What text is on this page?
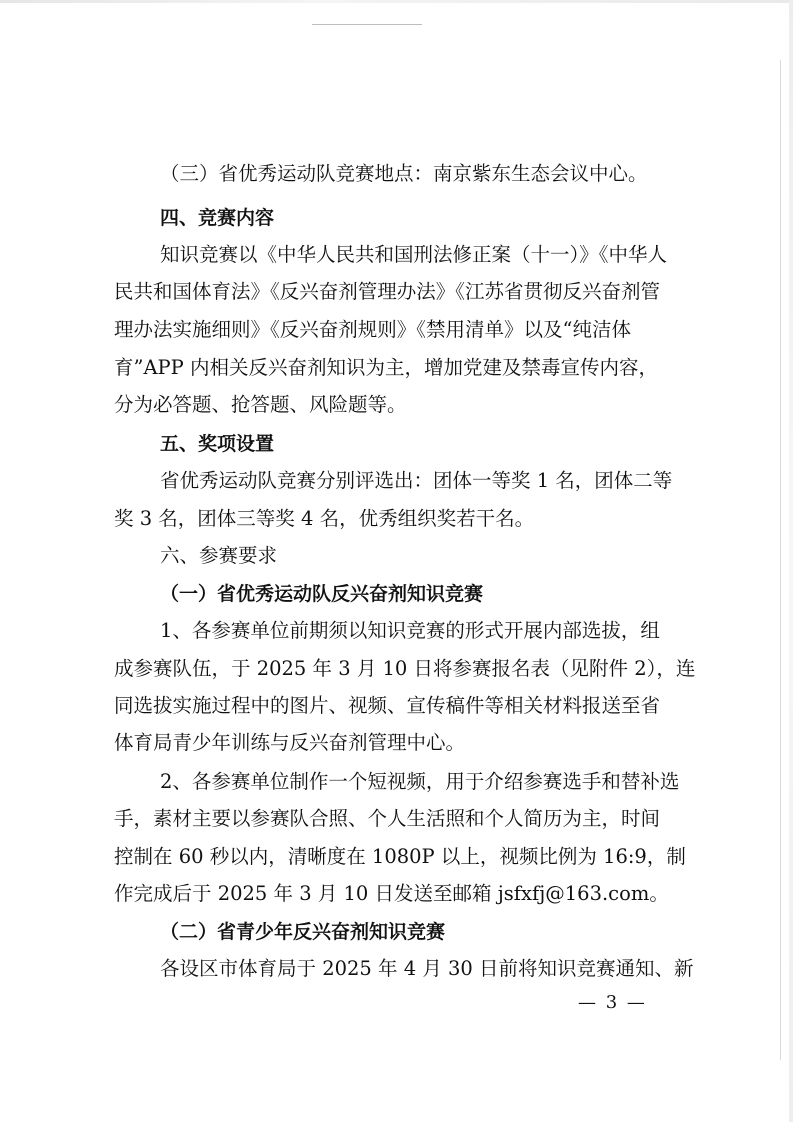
（三）省优秀运动队竞赛地点：南京紫东生态会议中心。
四、竞赛内容
知识竞赛以《中华人民共和国刑法修正案（十一）》《中华人
民共和国体育法》《反兴奋剂管理办法》《江苏省贯彻反兴奋剂管
理办法实施细则》《反兴奋剂规则》《禁用清单》以及“纯洁体
育”APP 内相关反兴奋剂知识为主，增加党建及禁毒宣传内容，
分为必答题、抢答题、风险题等。
五、奖项设置
省优秀运动队竞赛分别评选出：团体一等奖 1 名，团体二等
奖 3 名，团体三等奖 4 名，优秀组织奖若干名。
六、参赛要求
（一）省优秀运动队反兴奋剂知识竞赛
1、各参赛单位前期须以知识竞赛的形式开展内部选拔，组
成参赛队伍，于 2025 年 3 月 10 日将参赛报名表（见附件 2），连
同选拔实施过程中的图片、视频、宣传稿件等相关材料报送至省
体育局青少年训练与反兴奋剂管理中心。
2、各参赛单位制作一个短视频，用于介绍参赛选手和替补选
手，素材主要以参赛队合照、个人生活照和个人简历为主，时间
控制在 60 秒以内，清晰度在 1080P 以上，视频比例为 16:9，制
作完成后于 2025 年 3 月 10 日发送至邮箱 jsfxfj@163.com。
（二）省青少年反兴奋剂知识竞赛
各设区市体育局于 2025 年 4 月 30 日前将知识竞赛通知、新
— 3 —
